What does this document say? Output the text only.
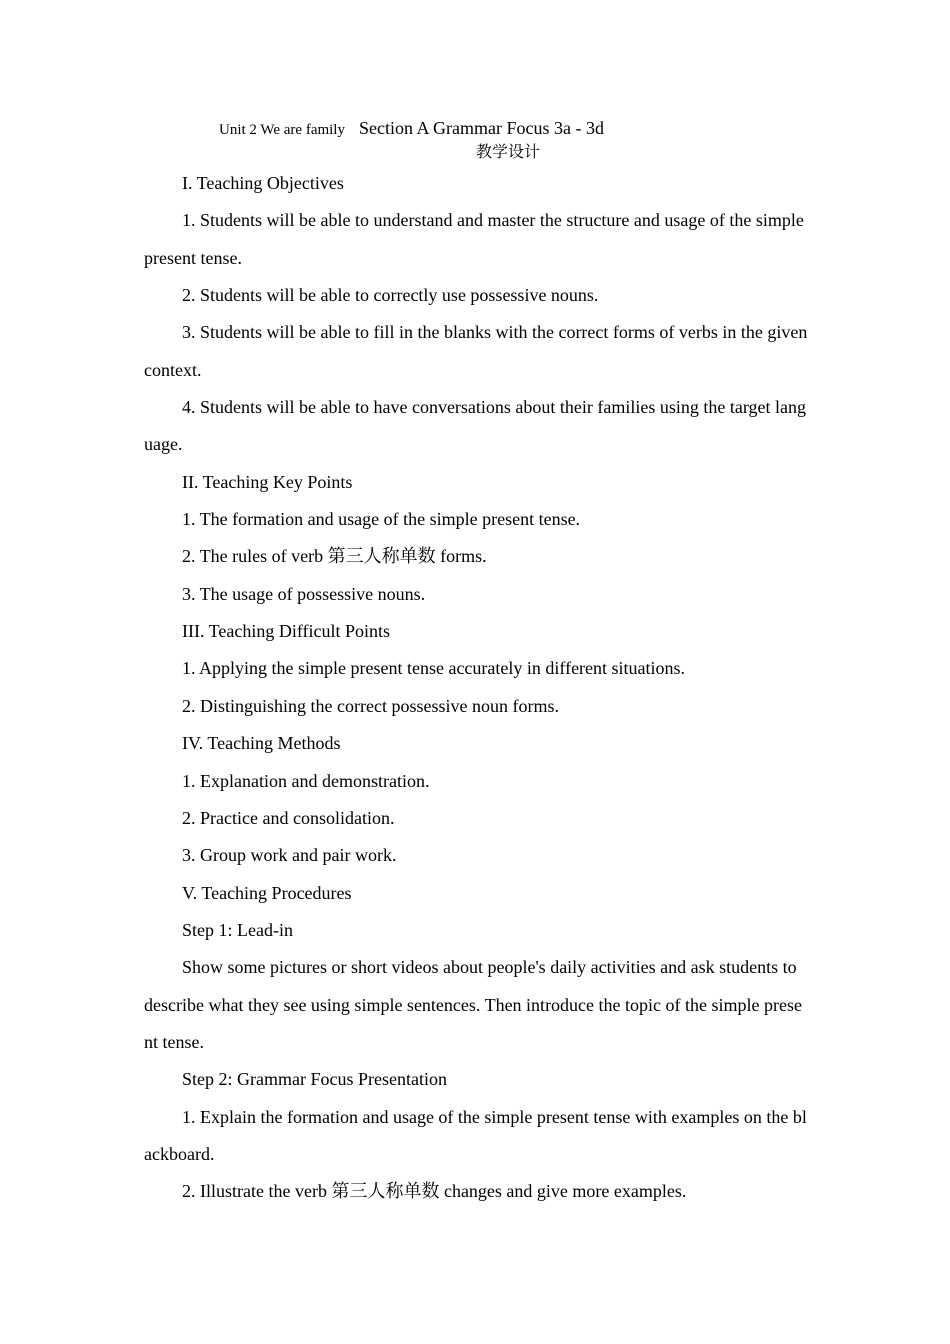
Unit 2 We are family Section A Grammar Focus 3a - 3d
教学设计

I. Teaching Objectives

1. Students will be able to understand and master the structure and usage of the simple present tense.

2. Students will be able to correctly use possessive nouns.

3. Students will be able to fill in the blanks with the correct forms of verbs in the given context.

4. Students will be able to have conversations about their families using the target language.

II. Teaching Key Points

1. The formation and usage of the simple present tense.

2. The rules of verb 第三人称单数 forms.

3. The usage of possessive nouns.

III. Teaching Difficult Points

1. Applying the simple present tense accurately in different situations.

2. Distinguishing the correct possessive noun forms.

IV. Teaching Methods

1. Explanation and demonstration.

2. Practice and consolidation.

3. Group work and pair work.

V. Teaching Procedures

Step 1: Lead-in

Show some pictures or short videos about people's daily activities and ask students to describe what they see using simple sentences. Then introduce the topic of the simple present tense.

Step 2: Grammar Focus Presentation

1. Explain the formation and usage of the simple present tense with examples on the blackboard.

2. Illustrate the verb 第三人称单数 changes and give more examples.
